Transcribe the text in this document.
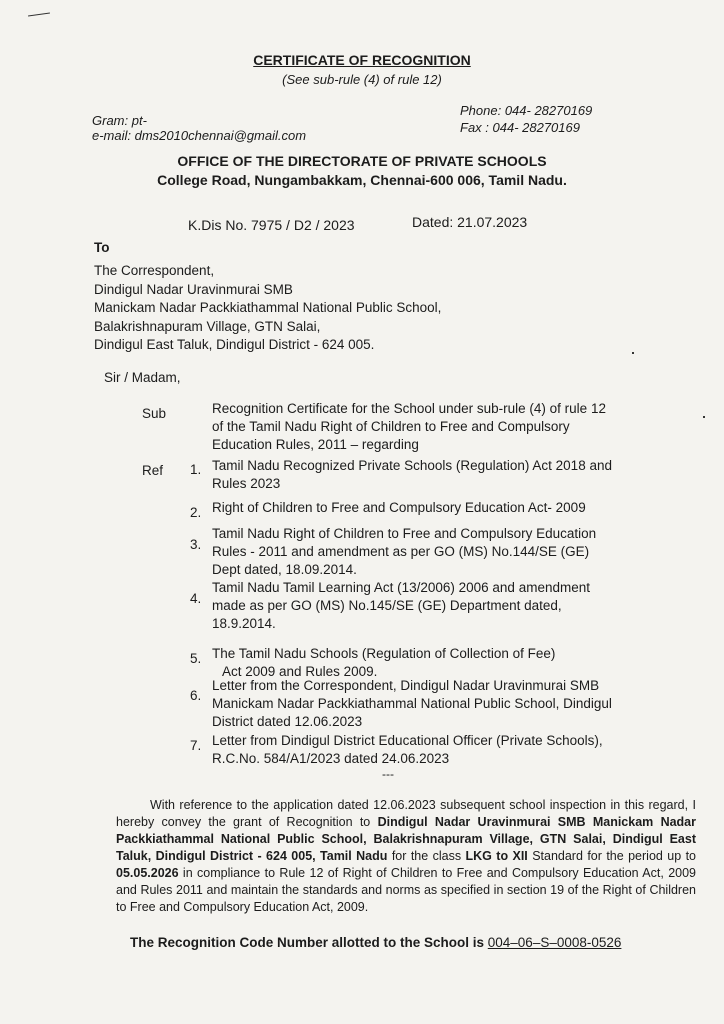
CERTIFICATE OF RECOGNITION
(See sub-rule (4) of rule 12)
Gram: pt-
e-mail: dms2010chennai@gmail.com
Phone: 044- 28270169
Fax : 044- 28270169
OFFICE OF THE DIRECTORATE OF PRIVATE SCHOOLS
College Road, Nungambakkam, Chennai-600 006, Tamil Nadu.
K.Dis No. 7975 / D2 / 2023	Dated: 21.07.2023
To
The Correspondent,
Dindigul Nadar Uravinmurai SMB
Manickam Nadar Packkiathammal National Public School,
Balakrishnapuram Village, GTN Salai,
Dindigul East Taluk, Dindigul District - 624 005.
Sir / Madam,
Sub	Recognition Certificate for the School under sub-rule (4) of rule 12
of the Tamil Nadu Right of Children to Free and Compulsory
Education Rules, 2011 – regarding
Ref 1. Tamil Nadu Recognized Private Schools (Regulation) Act 2018 and
Rules 2023
2. Right of Children to Free and Compulsory Education Act- 2009
3.
Tamil Nadu Right of Children to Free and Compulsory Education
Rules - 2011 and amendment as per GO (MS) No.144/SE (GE)
Dept dated, 18.09.2014.
4.
Tamil Nadu Tamil Learning Act (13/2006) 2006 and amendment
made as per GO (MS) No.145/SE (GE) Department dated,
18.9.2014.
5. The Tamil Nadu Schools (Regulation of Collection of Fee)
Act 2009 and Rules 2009.
6.
Letter from the Correspondent, Dindigul Nadar Uravinmurai SMB
Manickam Nadar Packkiathammal National Public School, Dindigul
District dated 12.06.2023
7. Letter from Dindigul District Educational Officer (Private Schools),
R.C.No. 584/A1/2023 dated 24.06.2023
---
With reference to the application dated 12.06.2023 subsequent school inspection in this regard, I hereby convey the grant of Recognition to Dindigul Nadar Uravinmurai SMB Manickam Nadar Packkiathammal National Public School, Balakrishnapuram Village, GTN Salai, Dindigul East Taluk, Dindigul District - 624 005, Tamil Nadu for the class LKG to XII Standard for the period up to 05.05.2026 in compliance to Rule 12 of Right of Children to Free and Compulsory Education Act, 2009 and Rules 2011 and maintain the standards and norms as specified in section 19 of the Right of Children to Free and Compulsory Education Act, 2009.
The Recognition Code Number allotted to the School is 004–06–S–0008-0526
